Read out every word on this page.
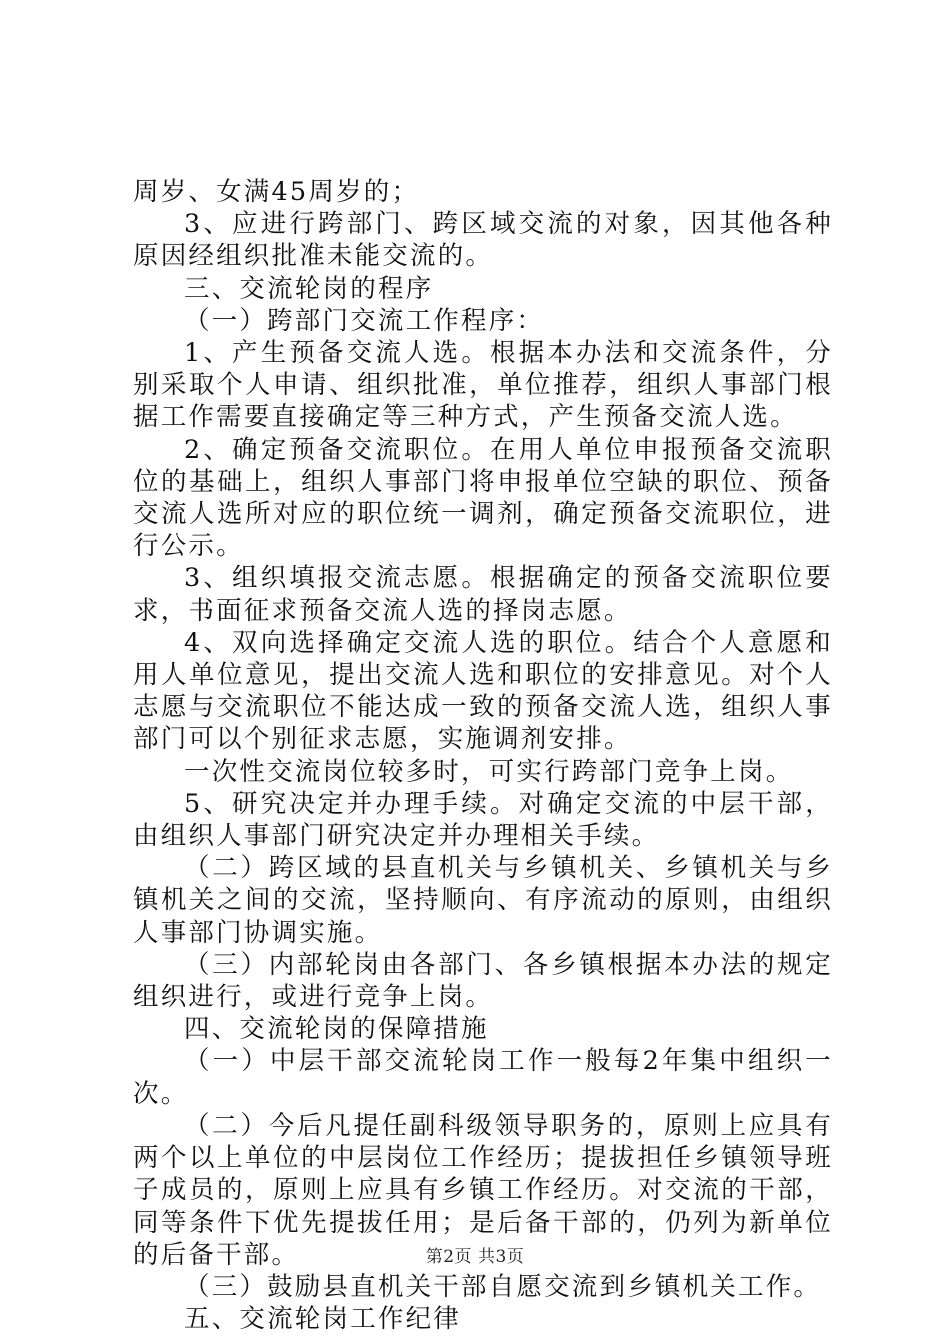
周岁、女满45周岁的；

3、应进行跨部门、跨区域交流的对象，因其他各种原因经组织批准未能交流的。

三、交流轮岗的程序

（一）跨部门交流工作程序：

1、产生预备交流人选。根据本办法和交流条件，分别采取个人申请、组织批准，单位推荐，组织人事部门根据工作需要直接确定等三种方式，产生预备交流人选。

2、确定预备交流职位。在用人单位申报预备交流职位的基础上，组织人事部门将申报单位空缺的职位、预备交流人选所对应的职位统一调剂，确定预备交流职位，进行公示。

3、组织填报交流志愿。根据确定的预备交流职位要求，书面征求预备交流人选的择岗志愿。

4、双向选择确定交流人选的职位。结合个人意愿和用人单位意见，提出交流人选和职位的安排意见。对个人志愿与交流职位不能达成一致的预备交流人选，组织人事部门可以个别征求志愿，实施调剂安排。

一次性交流岗位较多时，可实行跨部门竞争上岗。

5、研究决定并办理手续。对确定交流的中层干部，由组织人事部门研究决定并办理相关手续。

（二）跨区域的县直机关与乡镇机关、乡镇机关与乡镇机关之间的交流，坚持顺向、有序流动的原则，由组织人事部门协调实施。

（三）内部轮岗由各部门、各乡镇根据本办法的规定组织进行，或进行竞争上岗。

四、交流轮岗的保障措施

（一）中层干部交流轮岗工作一般每2年集中组织一次。

（二）今后凡提任副科级领导职务的，原则上应具有两个以上单位的中层岗位工作经历；提拔担任乡镇领导班子成员的，原则上应具有乡镇工作经历。对交流的干部，同等条件下优先提拔任用；是后备干部的，仍列为新单位的后备干部。

（三）鼓励县直机关干部自愿交流到乡镇机关工作。

五、交流轮岗工作纪律

第2页 共3页
